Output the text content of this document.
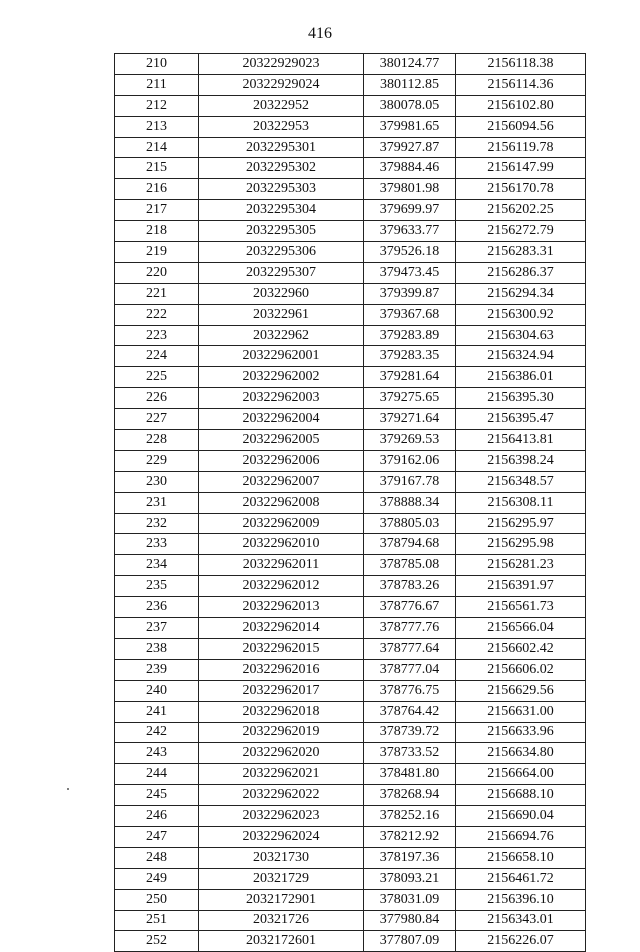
416
210	20322929023	380124.77	2156118.38
211	20322929024	380112.85	2156114.36
212	20322952	380078.05	2156102.80
213	20322953	379981.65	2156094.56
214	2032295301	379927.87	2156119.78
215	2032295302	379884.46	2156147.99
216	2032295303	379801.98	2156170.78
217	2032295304	379699.97	2156202.25
218	2032295305	379633.77	2156272.79
219	2032295306	379526.18	2156283.31
220	2032295307	379473.45	2156286.37
221	20322960	379399.87	2156294.34
222	20322961	379367.68	2156300.92
223	20322962	379283.89	2156304.63
224	20322962001	379283.35	2156324.94
225	20322962002	379281.64	2156386.01
226	20322962003	379275.65	2156395.30
227	20322962004	379271.64	2156395.47
228	20322962005	379269.53	2156413.81
229	20322962006	379162.06	2156398.24
230	20322962007	379167.78	2156348.57
231	20322962008	378888.34	2156308.11
232	20322962009	378805.03	2156295.97
233	20322962010	378794.68	2156295.98
234	20322962011	378785.08	2156281.23
235	20322962012	378783.26	2156391.97
236	20322962013	378776.67	2156561.73
237	20322962014	378777.76	2156566.04
238	20322962015	378777.64	2156602.42
239	20322962016	378777.04	2156606.02
240	20322962017	378776.75	2156629.56
241	20322962018	378764.42	2156631.00
242	20322962019	378739.72	2156633.96
243	20322962020	378733.52	2156634.80
244	20322962021	378481.80	2156664.00
245	20322962022	378268.94	2156688.10
246	20322962023	378252.16	2156690.04
247	20322962024	378212.92	2156694.76
248	20321730	378197.36	2156658.10
249	20321729	378093.21	2156461.72
250	2032172901	378031.09	2156396.10
251	20321726	377980.84	2156343.01
252	2032172601	377807.09	2156226.07
